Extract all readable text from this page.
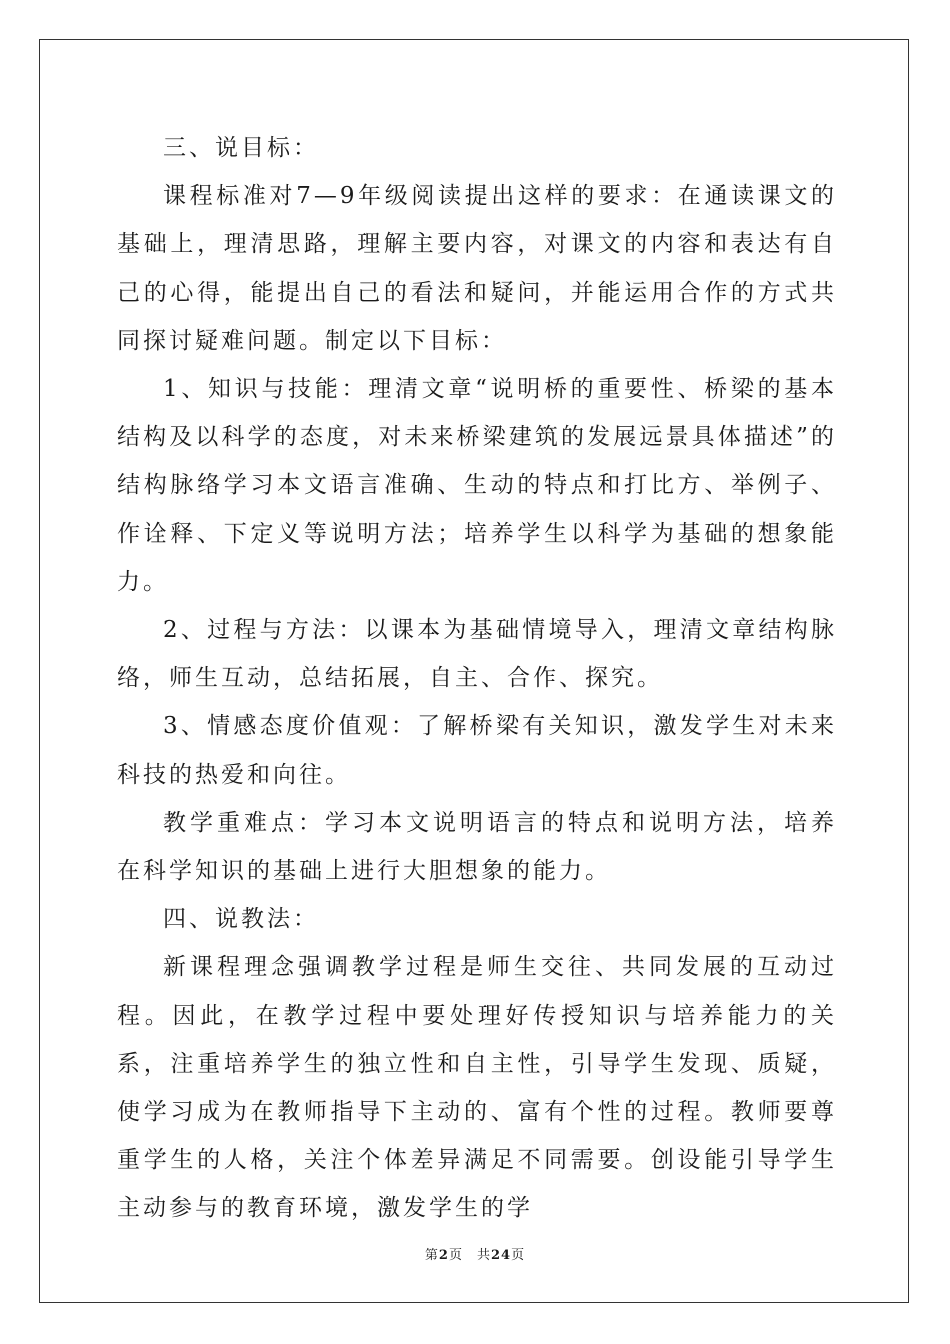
三、说目标：

课程标准对7—9年级阅读提出这样的要求：在通读课文的基础上，理清思路，理解主要内容，对课文的内容和表达有自己的心得，能提出自己的看法和疑问，并能运用合作的方式共同探讨疑难问题。制定以下目标：

1、知识与技能：理清文章“说明桥的重要性、桥梁的基本结构及以科学的态度，对未来桥梁建筑的发展远景具体描述”的结构脉络学习本文语言准确、生动的特点和打比方、举例子、作诠释、下定义等说明方法；培养学生以科学为基础的想象能力。

2、过程与方法：以课本为基础情境导入，理清文章结构脉络，师生互动，总结拓展，自主、合作、探究。

3、情感态度价值观：了解桥梁有关知识，激发学生对未来科技的热爱和向往。

教学重难点：学习本文说明语言的特点和说明方法，培养在科学知识的基础上进行大胆想象的能力。

四、说教法：

新课程理念强调教学过程是师生交往、共同发展的互动过程。因此，在教学过程中要处理好传授知识与培养能力的关系，注重培养学生的独立性和自主性，引导学生发现、质疑，使学习成为在教师指导下主动的、富有个性的过程。教师要尊重学生的人格，关注个体差异满足不同需要。创设能引导学生主动参与的教育环境，激发学生的学

第2页 共24页
